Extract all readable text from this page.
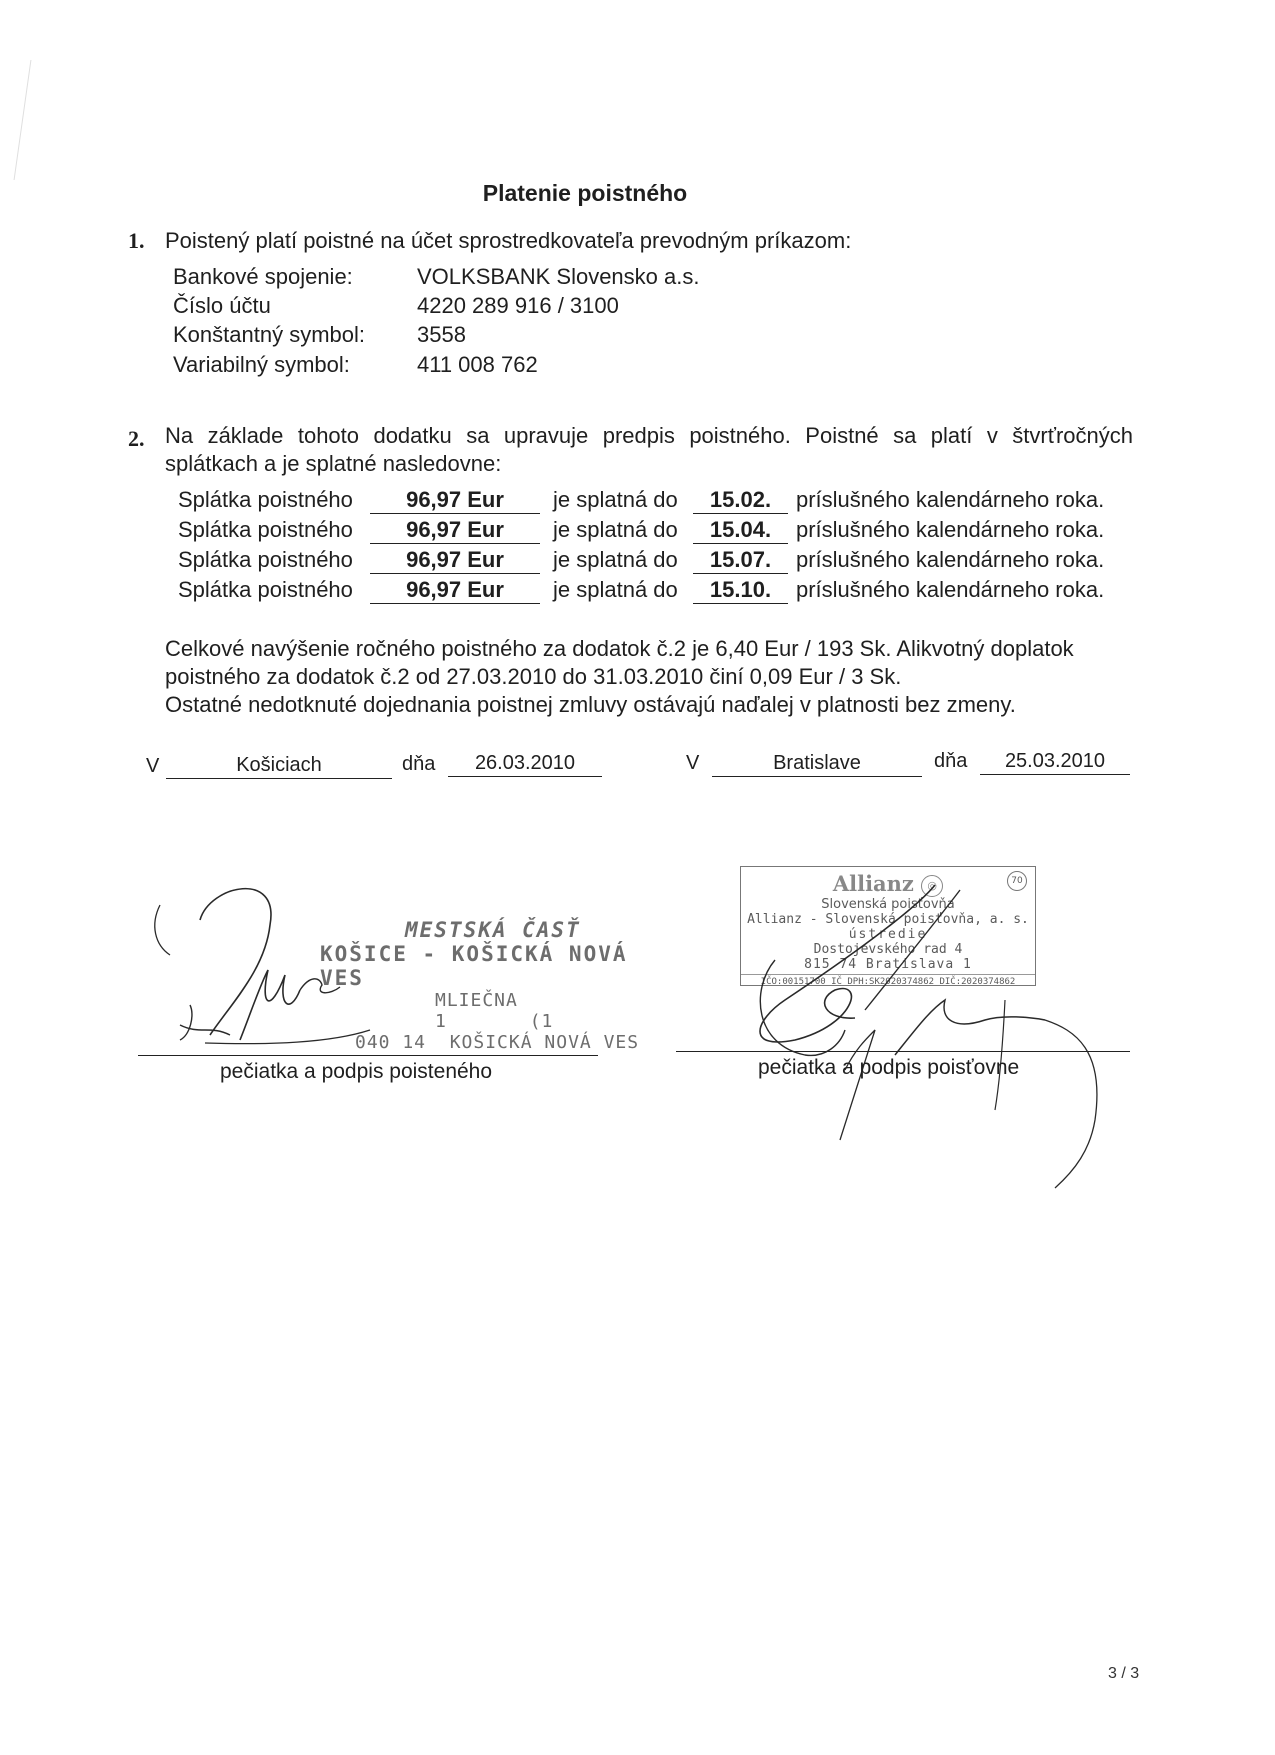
Platenie poistného
1. Poistený platí poistné na účet sprostredkovateľa prevodným príkazom:
Bankové spojenie:	VOLKSBANK Slovensko a.s.
Číslo účtu	4220 289 916 / 3100
Konštantný symbol: 3558
Variabilný symbol:	411 008 762
2. Na základe tohoto dodatku sa upravuje predpis poistného. Poistné sa platí v štvrťročných
splátkach a je splatné nasledovne:
Splátka poistného	96,97 Eur	je splatná do	15.02.	príslušného kalendárneho roka.
Splátka poistného	96,97 Eur	je splatná do	15.04.	príslušného kalendárneho roka.
Splátka poistného	96,97 Eur	je splatná do	15.07.	príslušného kalendárneho roka.
Splátka poistného	96,97 Eur	je splatná do	15.10.	príslušného kalendárneho roka.
Celkové navýšenie ročného poistného za dodatok č.2 je 6,40 Eur / 193 Sk. Alikvotný doplatok
poistného za dodatok č.2 od 27.03.2010 do 31.03.2010 činí 0,09 Eur / 3 Sk.
Ostatné nedotknuté dojednania poistnej zmluvy ostávajú naďalej v platnosti bez zmeny.
V	Košiciach	dňa	26.03.2010	V	Bratislave	dňa	25.03.2010
MESTSKÁ ČASŤ
KOŠICE - KOŠICKÁ NOVÁ VES
MLIEČNA 1       (1
040 14  KOŠICKÁ NOVÁ VES
Allianz ◎	70
Slovenská poisťovňa
Allianz - Slovenská poisťovňa, a. s.
ústredie
Dostojevského rad 4
815 74 Bratislava 1
IČO:00151700 IČ DPH:SK2020374862 DIČ:2020374862
pečiatka a podpis poisteného	pečiatka a podpis poisťovne
3 / 3
